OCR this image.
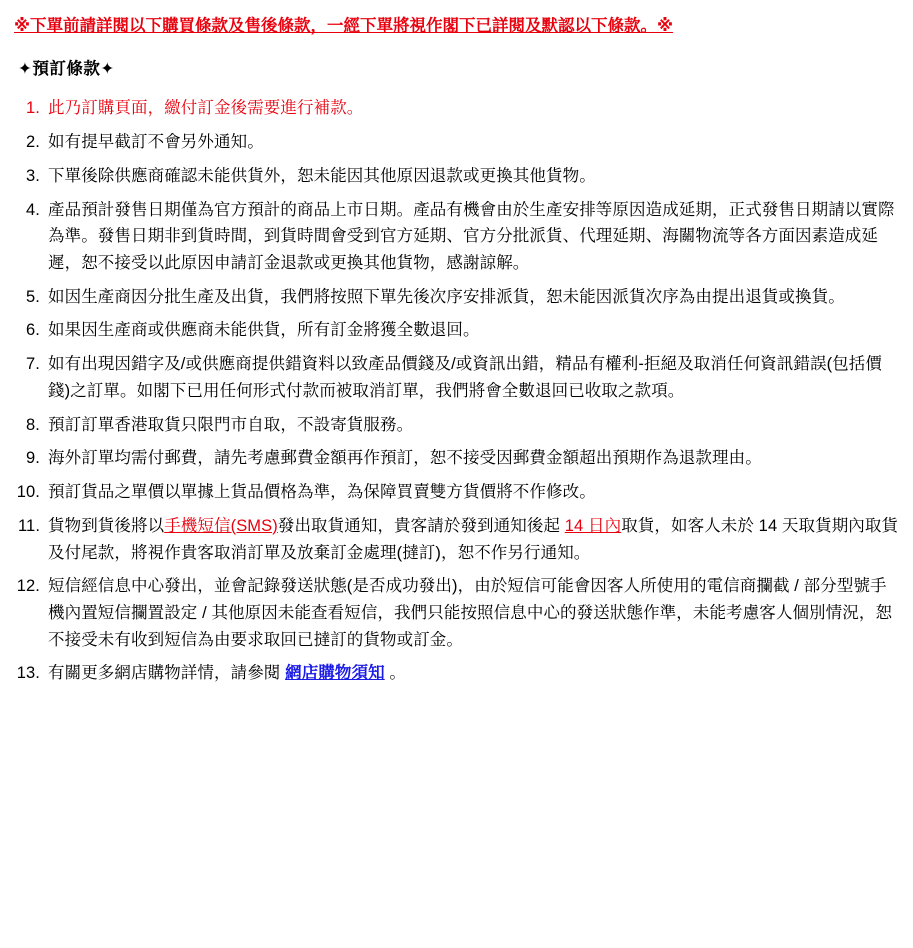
※下單前請詳閱以下購買條款及售後條款，一經下單將視作閣下已詳閱及默認以下條款。※
✦預訂條款✦
1. 此乃訂購頁面，繳付訂金後需要進行補款。
2. 如有提早截訂不會另外通知。
3. 下單後除供應商確認未能供貨外，恕未能因其他原因退款或更換其他貨物。
4. 產品預計發售日期僅為官方預計的商品上市日期。產品有機會由於生產安排等原因造成延期，正式發售日期請以實際為準。發售日期非到貨時間，到貨時間會受到官方延期、官方分批派貨、代理延期、海關物流等各方面因素造成延遲，恕不接受以此原因申請訂金退款或更換其他貨物，感謝諒解。
5. 如因生產商因分批生產及出貨，我們將按照下單先後次序安排派貨，恕未能因派貨次序為由提出退貨或換貨。
6. 如果因生產商或供應商未能供貨，所有訂金將獲全數退回。
7. 如有出現因錯字及/或供應商提供錯資料以致產品價錢及/或資訊出錯，精品有權利-拒絕及取消任何資訊錯誤(包括價錢)之訂單。如閣下已用任何形式付款而被取消訂單，我們將會全數退回已收取之款項。
8. 預訂訂單香港取貨只限門市自取，不設寄貨服務。
9. 海外訂單均需付郵費，請先考慮郵費金額再作預訂，恕不接受因郵費金額超出預期作為退款理由。
10. 預訂貨品之單價以單據上貨品價格為準，為保障買賣雙方貨價將不作修改。
11. 貨物到貨後將以手機短信(SMS)發出取貨通知，貴客請於發到通知後起 14 日內取貨，如客人未於 14 天取貨期內取貨及付尾款，將視作貴客取消訂單及放棄訂金處理(撻訂)，恕不作另行通知。
12. 短信經信息中心發出，並會記錄發送狀態(是否成功發出)，由於短信可能會因客人所使用的電信商攔截 / 部分型號手機內置短信攔置設定 / 其他原因未能查看短信，我們只能按照信息中心的發送狀態作準，未能考慮客人個別情況，恕不接受未有收到短信為由要求取回已撻訂的貨物或訂金。
13. 有關更多網店購物詳情，請參閱 網店購物須知 。
